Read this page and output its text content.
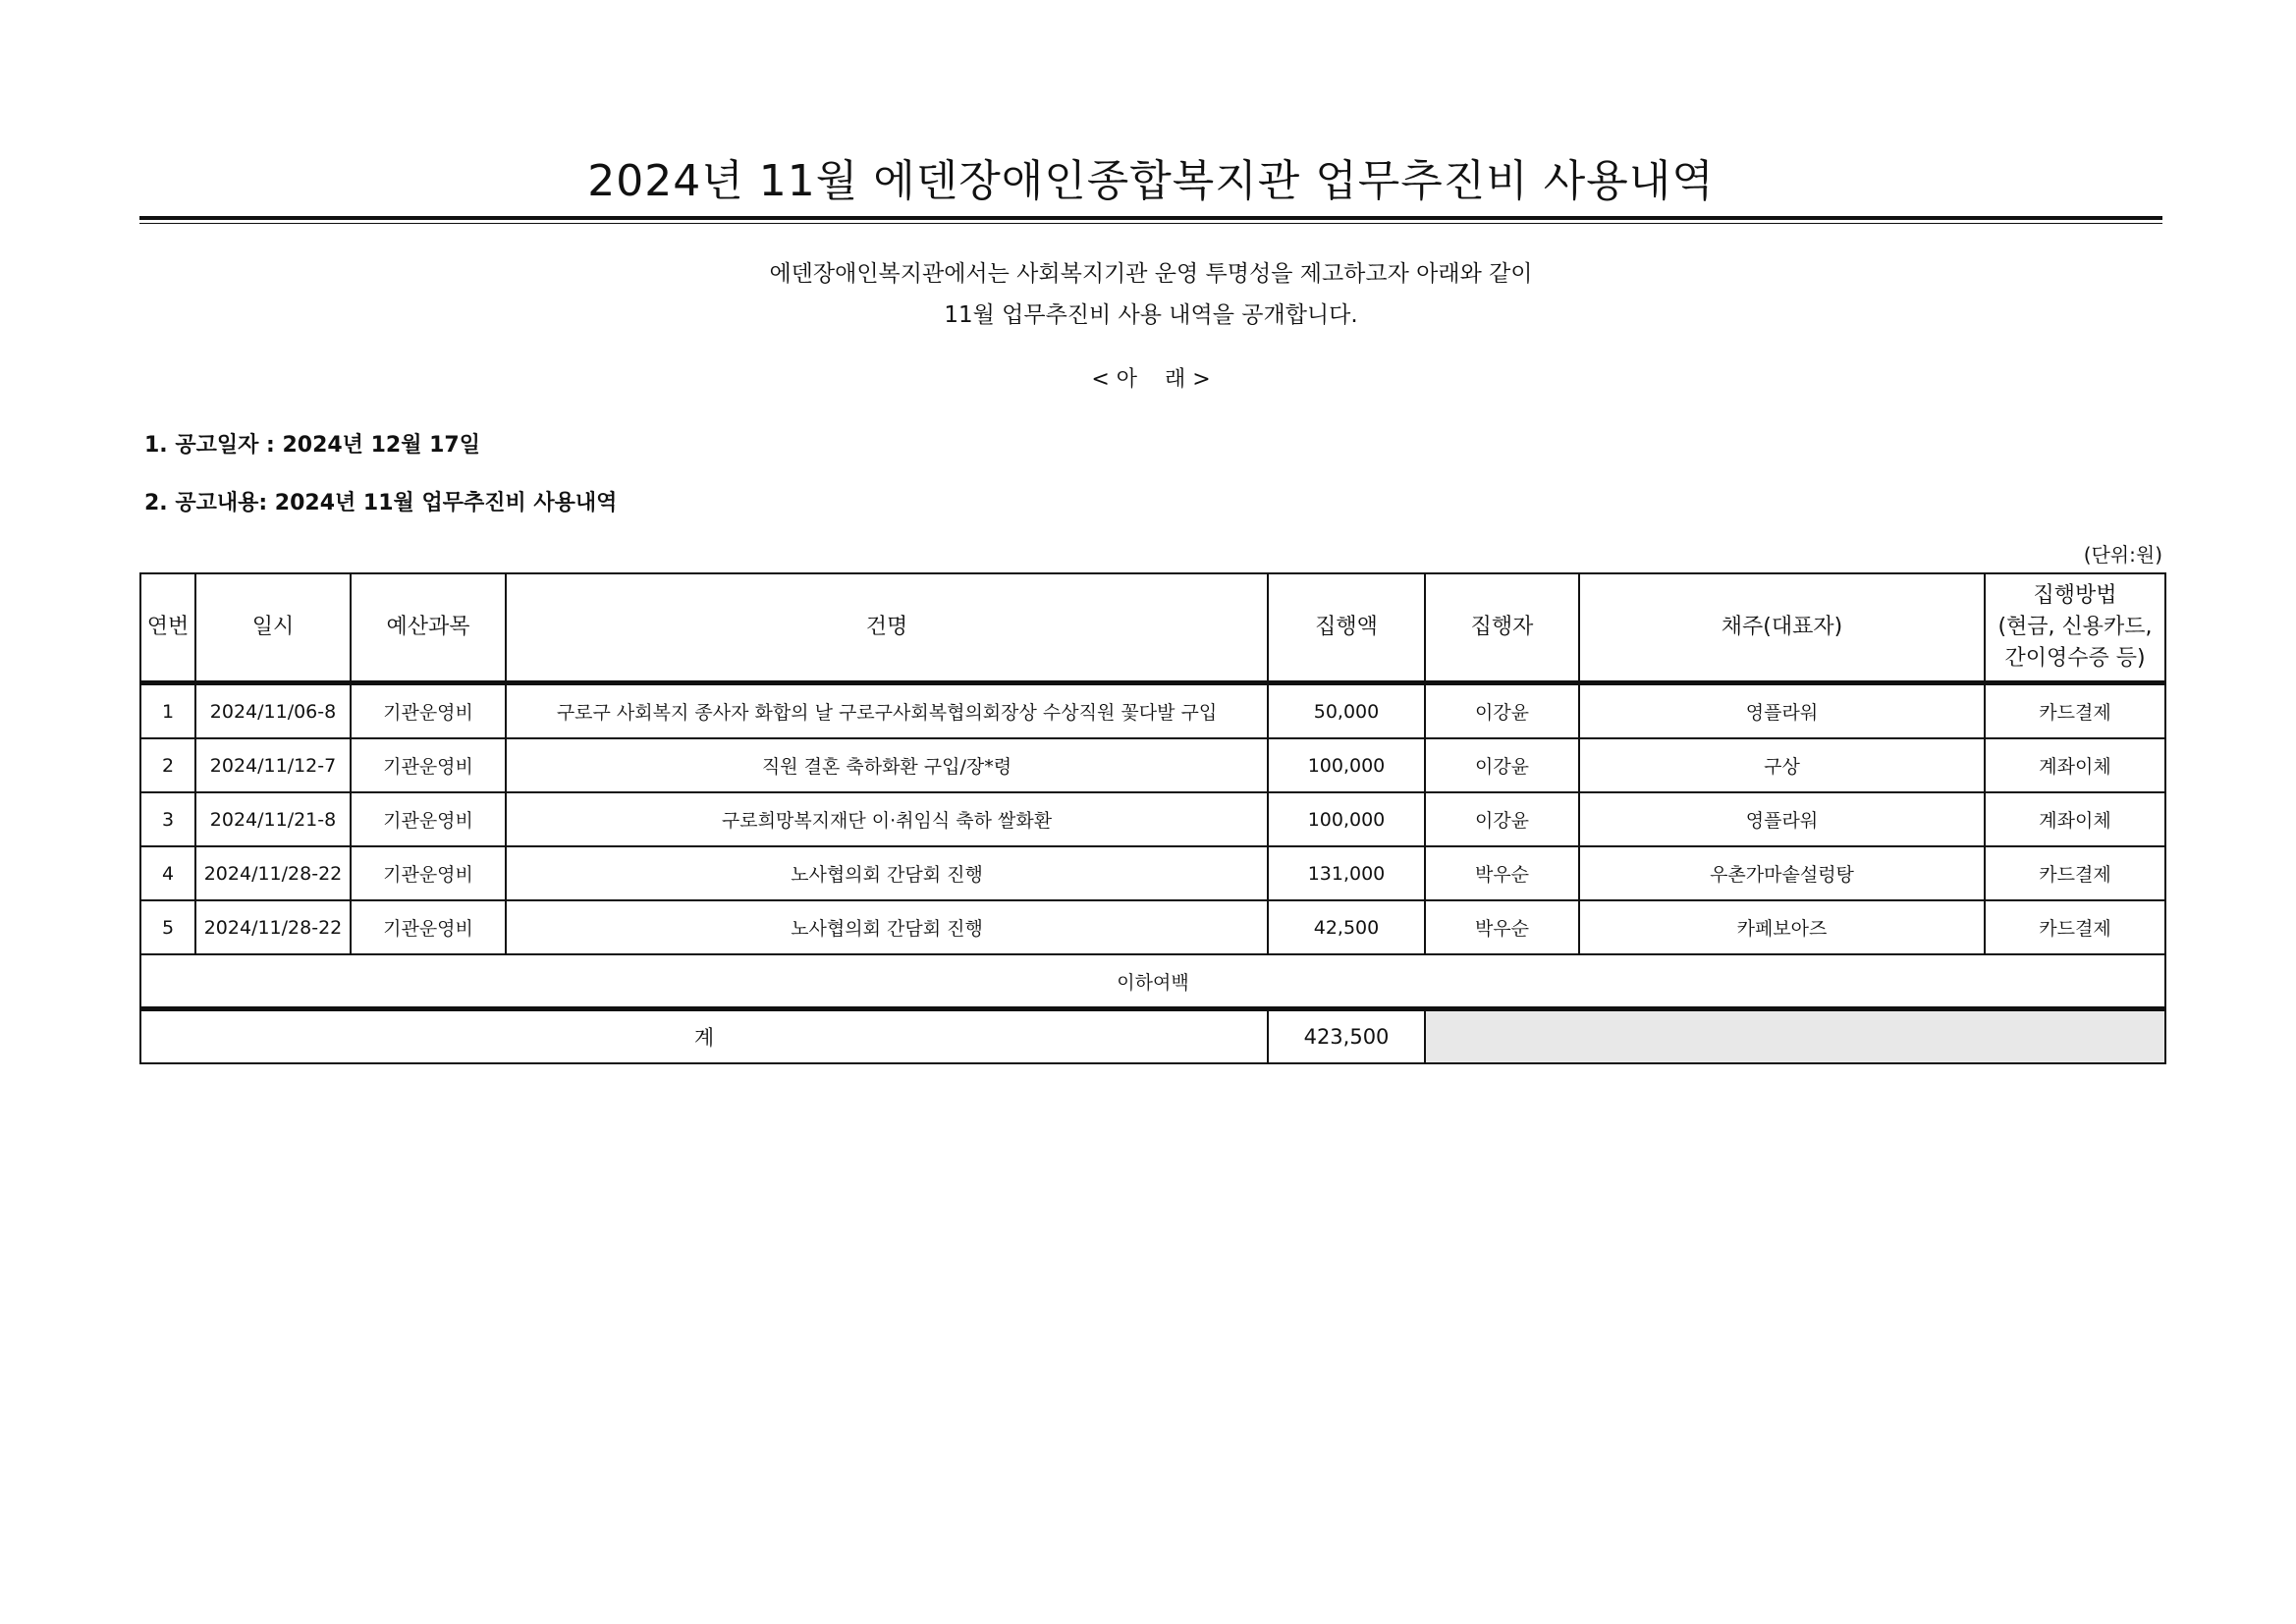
2024년 11월 에덴장애인종합복지관 업무추진비 사용내역
에덴장애인복지관에서는 사회복지기관 운영 투명성을 제고하고자 아래와 같이
11월 업무추진비 사용 내역을 공개합니다.
< 아    래 >
1. 공고일자 : 2024년 12월 17일
2. 공고내용: 2024년 11월 업무추진비 사용내역
(단위:원)
연번	일시	예산과목	건명	집행액	집행자	채주(대표자)	집행방법
(현금, 신용카드,
간이영수증 등)

1	2024/11/06-8	기관운영비	구로구 사회복지 종사자 화합의 날 구로구사회복협의회장상 수상직원 꽃다발 구입	50,000	이강윤	영플라워	카드결제
2	2024/11/12-7	기관운영비	직원 결혼 축하화환 구입/장*령	100,000	이강윤	구상	계좌이체
3	2024/11/21-8	기관운영비	구로희망복지재단 이·취임식 축하 쌀화환	100,000	이강윤	영플라워	계좌이체
4	2024/11/28-22	기관운영비	노사협의회 간담회 진행	131,000	박우순	우촌가마솥설렁탕	카드결제
5	2024/11/28-22	기관운영비	노사협의회 간담회 진행	42,500	박우순	카페보아즈	카드결제
이하여백							
계				423,500			
